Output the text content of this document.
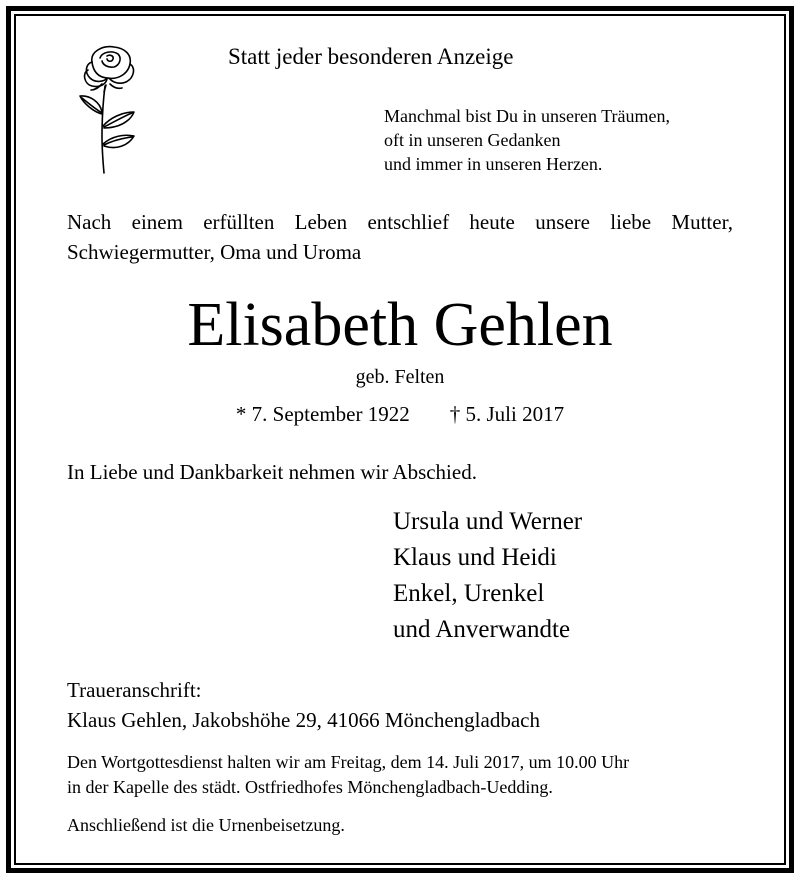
Statt jeder besonderen Anzeige
Manchmal bist Du in unseren Träumen,
oft in unseren Gedanken
und immer in unseren Herzen.
Nach einem erfüllten Leben entschlief heute unsere liebe Mutter,
Schwiegermutter, Oma und Uroma
Elisabeth Gehlen
geb. Felten
* 7. September 1922 † 5. Juli 2017
In Liebe und Dankbarkeit nehmen wir Abschied.
Ursula und Werner
Klaus und Heidi
Enkel, Urenkel
und Anverwandte
Traueranschrift:
Klaus Gehlen, Jakobshöhe 29, 41066 Mönchengladbach
Den Wortgottesdienst halten wir am Freitag, dem 14. Juli 2017, um 10.00 Uhr
in der Kapelle des städt. Ostfriedhofes Mönchengladbach-Uedding.
Anschließend ist die Urnenbeisetzung.
